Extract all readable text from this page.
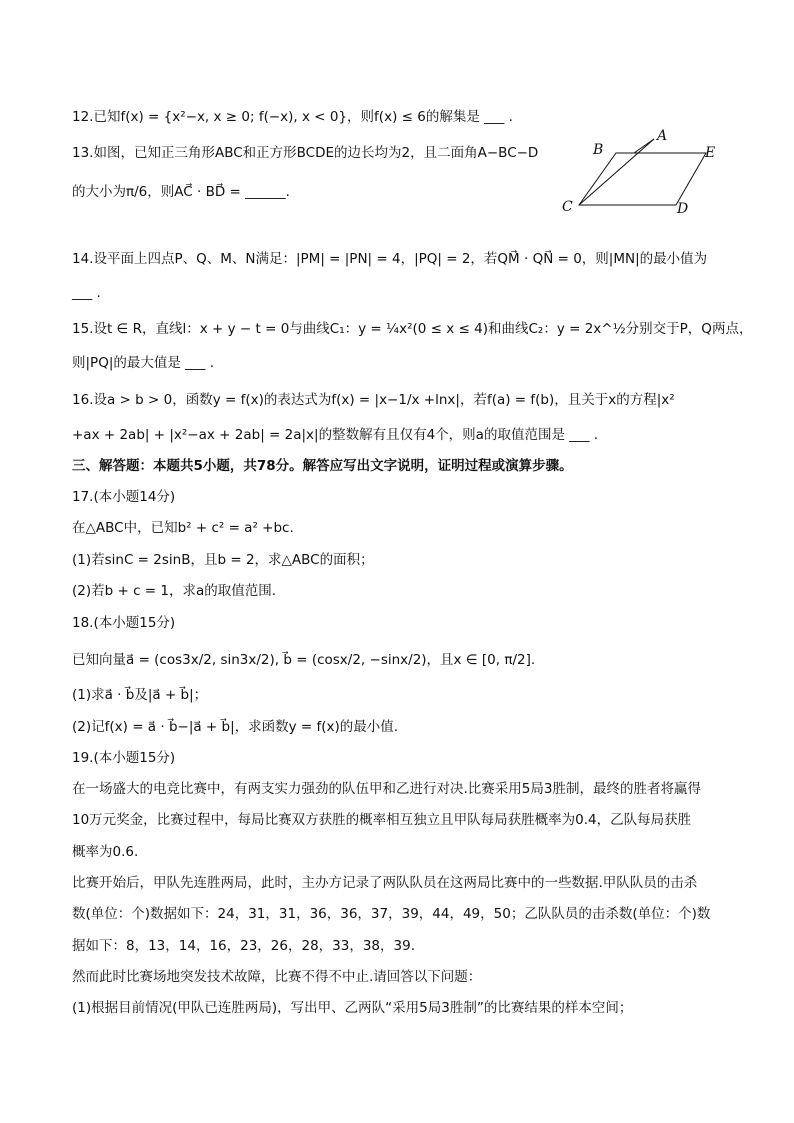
12.已知f(x) = {x²−x, x ≥ 0; f(−x), x < 0}，则f(x) ≤ 6的解集是 ___ .
13.如图，已知正三角形ABC和正方形BCDE的边长均为2，且二面角A−BC−D
的大小为π/6，则AC⃗ · BD⃗ = ______.
A
B
C	D
E
14.设平面上四点P、Q、M、N满足：|PM| = |PN| = 4，|PQ| = 2，若QM⃗ · QN⃗ = 0，则|MN|的最小值为
___ .
15.设t ∈ R，直线l：x + y − t = 0与曲线C₁：y = ¼x²(0 ≤ x ≤ 4)和曲线C₂：y = 2x^½分别交于P，Q两点，
则|PQ|的最大值是 ___ .
16.设a > b > 0，函数y = f(x)的表达式为f(x) = |x−1/x +lnx|，若f(a) = f(b)，且关于x的方程|x²
+ax + 2ab| + |x²−ax + 2ab| = 2a|x|的整数解有且仅有4个，则a的取值范围是 ___ .
三、解答题：本题共5小题，共78分。解答应写出文字说明，证明过程或演算步骤。
17.(本小题14分)
在△ABC中，已知b² + c² = a² +bc.
(1)若sinC = 2sinB，且b = 2，求△ABC的面积；
(2)若b + c = 1，求a的取值范围.
18.(本小题15分)
已知向量a⃗ = (cos3x/2, sin3x/2), b⃗ = (cosx/2, −sinx/2)，且x ∈ [0, π/2].
(1)求a⃗ · b⃗及|a⃗ + b⃗|；
(2)记f(x) = a⃗ · b⃗−|a⃗ + b⃗|，求函数y = f(x)的最小值.
19.(本小题15分)
在一场盛大的电竞比赛中，有两支实力强劲的队伍甲和乙进行对决.比赛采用5局3胜制，最终的胜者将赢得
10万元奖金，比赛过程中，每局比赛双方获胜的概率相互独立且甲队每局获胜概率为0.4，乙队每局获胜
概率为0.6.
比赛开始后，甲队先连胜两局，此时，主办方记录了两队队员在这两局比赛中的一些数据.甲队队员的击杀
数(单位：个)数据如下：24，31，31，36，36，37，39，44，49，50；乙队队员的击杀数(单位：个)数
据如下：8，13，14，16，23，26，28，33，38，39.
然而此时比赛场地突发技术故障，比赛不得不中止.请回答以下问题：
(1)根据目前情况(甲队已连胜两局)，写出甲、乙两队“采用5局3胜制”的比赛结果的样本空间；
